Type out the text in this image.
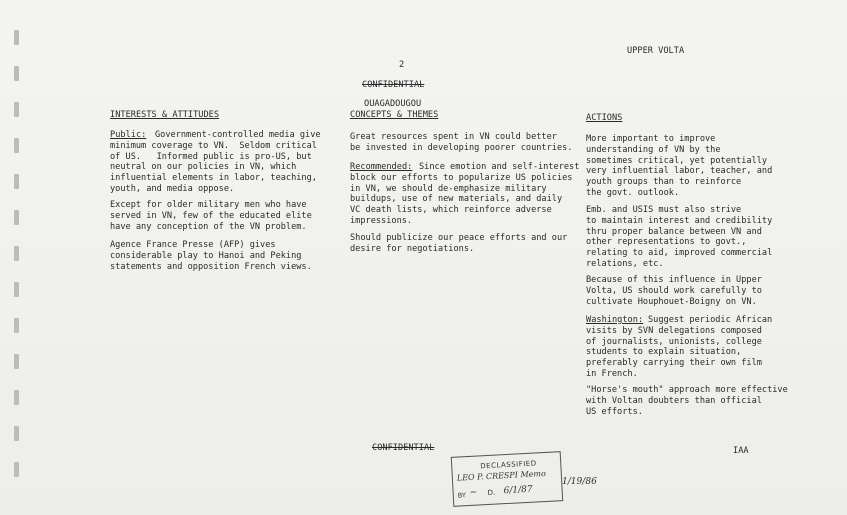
2
UPPER VOLTA
CONFIDENTIAL
OUAGADOUGOU
INTERESTS & ATTITUDES	CONCEPTS & THEMES	ACTIONS
Public: Government-controlled media give
minimum coverage to VN.  Seldom critical
of US.   Informed public is pro-US, but
neutral on our policies in VN, which
influential elements in labor, teaching,
youth, and media oppose.
Except for older military men who have
served in VN, few of the educated elite
have any conception of the VN problem.
Agence France Presse (AFP) gives
considerable play to Hanoi and Peking
statements and opposition French views.
Great resources spent in VN could better
be invested in developing poorer countries.
Recommended: Since emotion and self-interest
block our efforts to popularize US policies
in VN, we should de-emphasize military
buildups, use of new materials, and daily
VC death lists, which reinforce adverse
impressions.
Should publicize our peace efforts and our
desire for negotiations.
More important to improve
understanding of VN by the
sometimes critical, yet potentially
very influential labor, teacher, and
youth groups than to reinforce
the govt. outlook.
Emb. and USIS must also strive
to maintain interest and credibility
thru proper balance between VN and
other representations to govt.,
relating to aid, improved commercial
relations, etc.
Because of this influence in Upper
Volta, US should work carefully to
cultivate Houphouet-Boigny on VN.
Washington: Suggest periodic African
visits by SVN delegations composed
of journalists, unionists, college
students to explain situation,
preferably carrying their own film
in French.
"Horse's mouth" approach more effective
with Voltan doubters than official
US efforts.
CONFIDENTIAL	IAA
DECLASSIFIED
LEO P. CRESPI Memo
BY ~ D. 6/1/87
1/19/86
